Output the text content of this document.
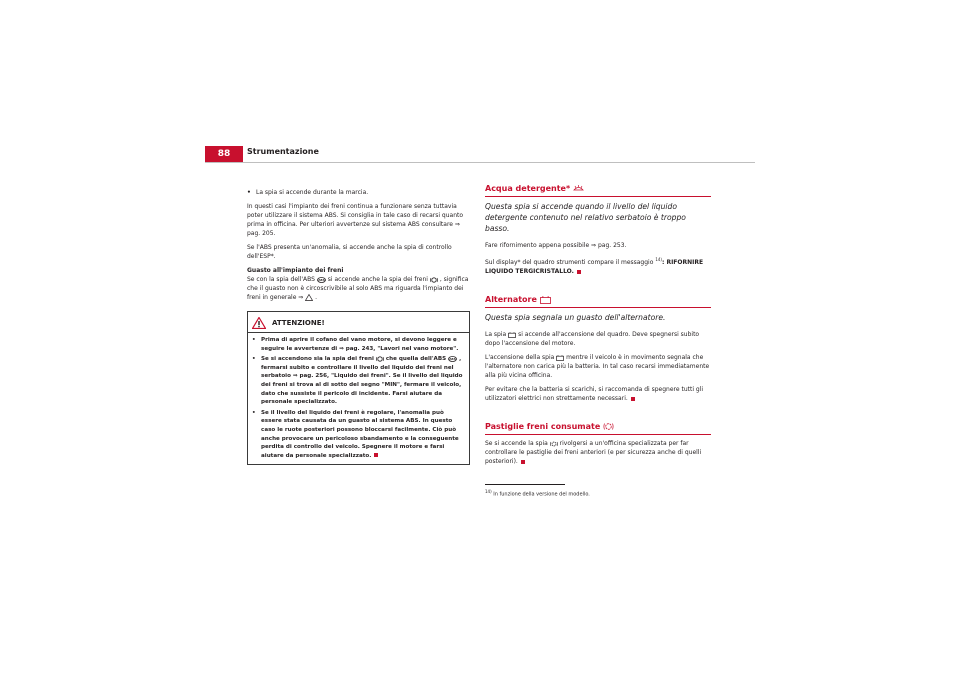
88	Strumentazione
• La spia si accende durante la marcia.

In questi casi l'impianto dei freni continua a funzionare senza tuttavia poter utilizzare il sistema ABS. Si consiglia in tale caso di recarsi quanto prima in officina. Per ulteriori avvertenze sul sistema ABS consultare ⇒ pag. 205.

Se l'ABS presenta un'anomalia, si accende anche la spia di controllo dell'ESP*.

Guasto all'impianto dei freni

Se con la spia dell'ABS ABS si accende anche la spia dei freni , significa che il guasto non è circoscrivibile al solo ABS ma riguarda l'impianto dei freni in generale ⇒ .

ATTENZIONE!
• Prima di aprire il cofano del vano motore, si devono leggere e seguire le avvertenze di ⇒ pag. 243, "Lavori nel vano motore".
• Se si accendono sia la spia dei freni che quella dell'ABS ABS , fermarsi subito e controllare il livello del liquido dei freni nel serbatoio ⇒ pag. 256, "Liquido dei freni". Se il livello del liquido dei freni si trova al di sotto del segno "MIN", fermare il veicolo, dato che sussiste il pericolo di incidente. Farsi aiutare da personale specializzato.
• Se il livello del liquido dei freni è regolare, l'anomalia può essere stata causata da un guasto al sistema ABS. In questo caso le ruote posteriori possono bloccarsi facilmente. Ciò può anche provocare un pericoloso sbandamento e la conseguente perdita di controllo del veicolo. Spegnere il motore e farsi aiutare da personale specializzato.
Acqua detergente*
Questa spia si accende quando il livello del liquido detergente contenuto nel relativo serbatoio è troppo basso.

Fare rifornimento appena possibile ⇒ pag. 253.

Sul display* del quadro strumenti compare il messaggio $^{14)}$: RIFORNIRE LIQUIDO TERGICRISTALLO.

Alternatore
Questa spia segnala un guasto dell'alternatore.

La spia si accende all'accensione del quadro. Deve spegnersi subito dopo l'accensione del motore.

L'accensione della spia mentre il veicolo è in movimento segnala che l'alternatore non carica più la batteria. In tal caso recarsi immediatamente alla più vicina officina.

Per evitare che la batteria si scarichi, si raccomanda di spegnere tutti gli utilizzatori elettrici non strettamente necessari.

Pastiglie freni consumate

Se si accende la spia rivolgersi a un'officina specializzata per far controllare le pastiglie dei freni anteriori (e per sicurezza anche di quelli posteriori).

$^{14)}$ In funzione della versione del modello.
